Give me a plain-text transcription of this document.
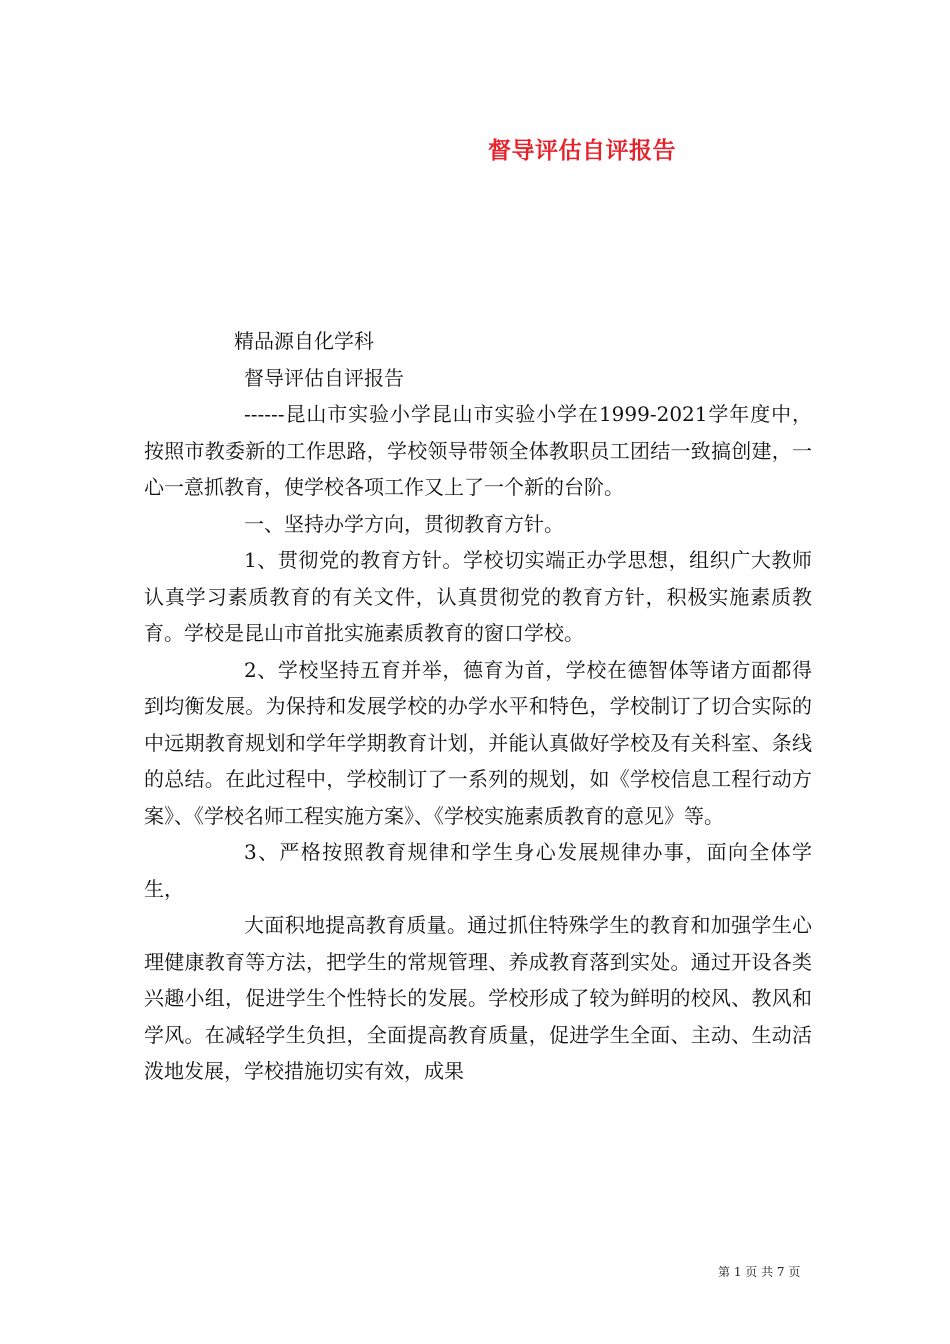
督导评估自评报告

精品源自化学科

督导评估自评报告

------昆山市实验小学昆山市实验小学在1999-2021学年度中，按照市教委新的工作思路，学校领导带领全体教职员工团结一致搞创建，一心一意抓教育，使学校各项工作又上了一个新的台阶。

一、坚持办学方向，贯彻教育方针。

1、贯彻党的教育方针。学校切实端正办学思想，组织广大教师认真学习素质教育的有关文件，认真贯彻党的教育方针，积极实施素质教育。学校是昆山市首批实施素质教育的窗口学校。

2、学校坚持五育并举，德育为首，学校在德智体等诸方面都得到均衡发展。为保持和发展学校的办学水平和特色，学校制订了切合实际的中远期教育规划和学年学期教育计划，并能认真做好学校及有关科室、条线的总结。在此过程中，学校制订了一系列的规划，如《学校信息工程行动方案》、《学校名师工程实施方案》、《学校实施素质教育的意见》等。

3、严格按照教育规律和学生身心发展规律办事，面向全体学生，

大面积地提高教育质量。通过抓住特殊学生的教育和加强学生心理健康教育等方法，把学生的常规管理、养成教育落到实处。通过开设各类兴趣小组，促进学生个性特长的发展。学校形成了较为鲜明的校风、教风和学风。在减轻学生负担，全面提高教育质量，促进学生全面、主动、生动活泼地发展，学校措施切实有效，成果

第 1 页 共 7 页
